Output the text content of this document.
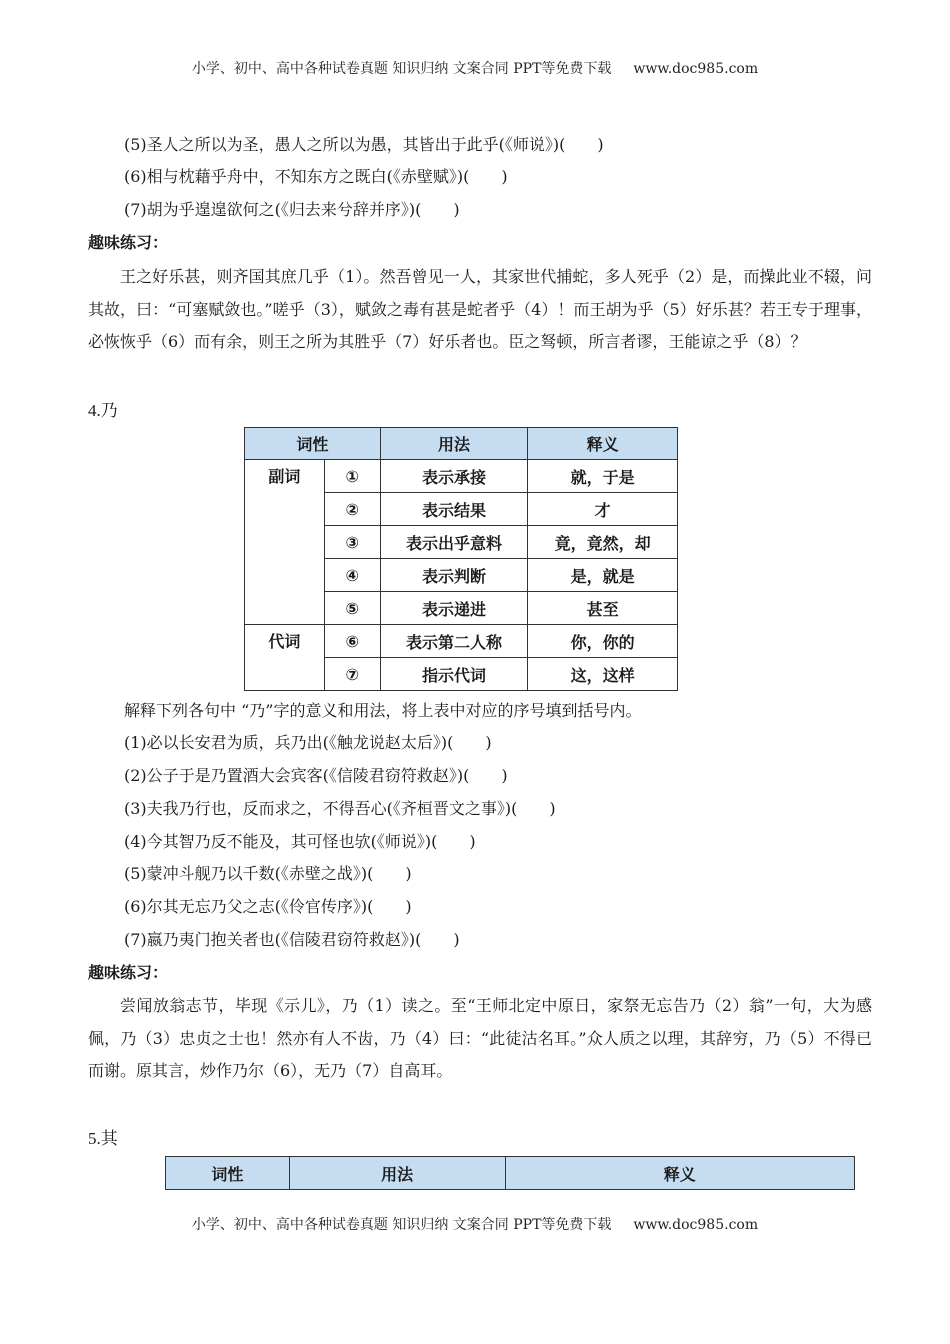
小学、初中、高中各种试卷真题 知识归纳 文案合同 PPT等免费下载 www.doc985.com
(5)圣人之所以为圣，愚人之所以为愚，其皆出于此乎(《师说》)(　　)
(6)相与枕藉乎舟中，不知东方之既白(《赤壁赋》)(　　)
(7)胡为乎遑遑欲何之(《归去来兮辞并序》)(　　)
趣味练习：

王之好乐甚，则齐国其庶几乎（1）。然吾曾见一人，其家世代捕蛇，多人死乎（2）是，而操此业不辍，问其故，曰：“可塞赋敛也。”嗟乎（3），赋敛之毒有甚是蛇者乎（4）！而王胡为乎（5）好乐甚？若王专于理事，必恢恢乎（6）而有余，则王之所为其胜乎（7）好乐者也。臣之驽顿，所言者谬，王能谅之乎（8）？

4.乃
词性		用法	释义
副词	①	表示承接	就，于是
	②	表示结果	才
	③	表示出乎意料	竟，竟然，却
	④	表示判断	是，就是
	⑤	表示递进	甚至
代词	⑥	表示第二人称	你，你的
	⑦	指示代词	这，这样
解释下列各句中 “乃”字的意义和用法，将上表中对应的序号填到括号内。
(1)必以长安君为质，兵乃出(《触龙说赵太后》)(　　)
(2)公子于是乃置酒大会宾客(《信陵君窃符救赵》)(　　)
(3)夫我乃行也，反而求之，不得吾心(《齐桓晋文之事》)(　　)
(4)今其智乃反不能及，其可怪也欤(《师说》)(　　)
(5)蒙冲斗舰乃以千数(《赤壁之战》)(　　)
(6)尔其无忘乃父之志(《伶官传序》)(　　)
(7)嬴乃夷门抱关者也(《信陵君窃符救赵》)(　　)
趣味练习：

尝闻放翁志节，毕现《示儿》，乃（1）读之。至“王师北定中原日，家祭无忘告乃（2）翁”一句，大为感佩，乃（3）忠贞之士也！然亦有人不齿，乃（4）曰：“此徒沽名耳。”众人质之以理，其辞穷，乃（5）不得已而谢。原其言，炒作乃尔（6），无乃（7）自高耳。

5.其
词性	用法	释义
小学、初中、高中各种试卷真题 知识归纳 文案合同 PPT等免费下载 www.doc985.com
